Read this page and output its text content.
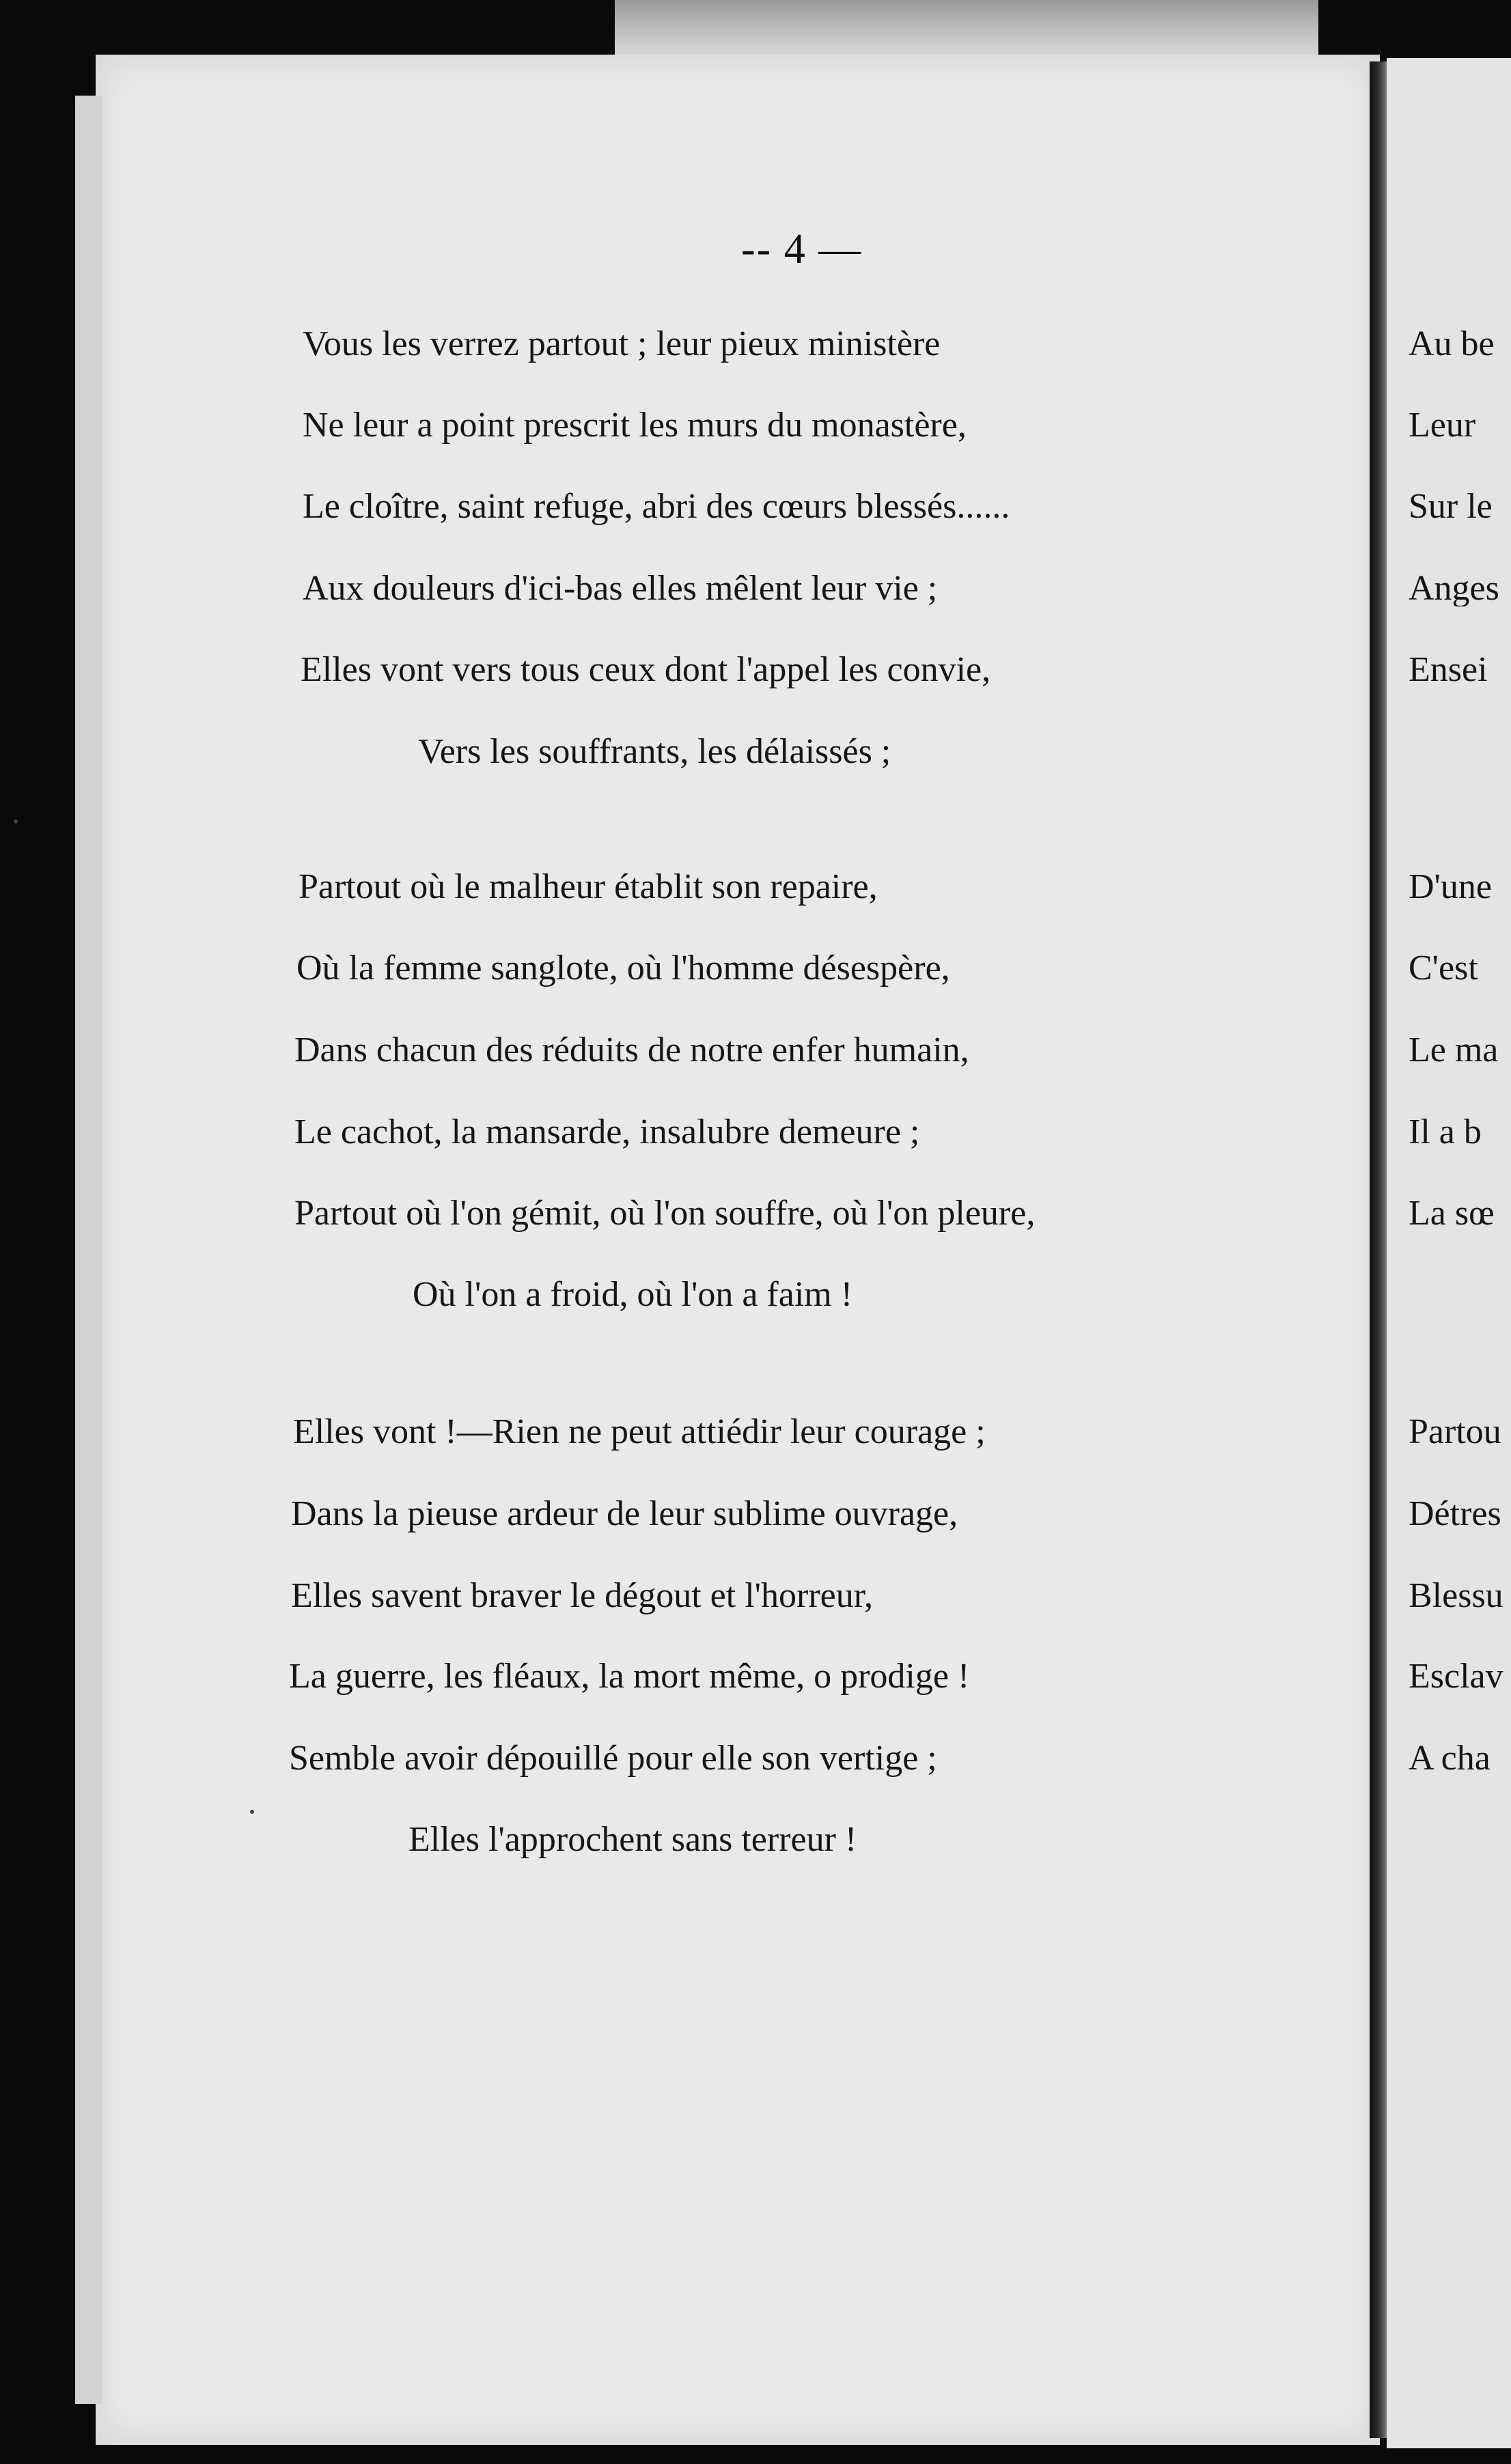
-- 4 —
Vous les verrez partout ; leur pieux ministère
Ne leur a point prescrit les murs du monastère,
Le cloître, saint refuge, abri des cœurs blessés......
Aux douleurs d'ici-bas elles mêlent leur vie ;
Elles vont vers tous ceux dont l'appel les convie,
Vers les souffrants, les délaissés ;
Partout où le malheur établit son repaire,
Où la femme sanglote, où l'homme désespère,
Dans chacun des réduits de notre enfer humain,
Le cachot, la mansarde, insalubre demeure ;
Partout où l'on gémit, où l'on souffre, où l'on pleure,
Où l'on a froid, où l'on a faim !
Elles vont !—Rien ne peut attiédir leur courage ;
Dans la pieuse ardeur de leur sublime ouvrage,
Elles savent braver le dégout et l'horreur,
La guerre, les fléaux, la mort même, o prodige !
Semble avoir dépouillé pour elle son vertige ;
Elles l'approchent sans terreur !
Au be
Leur
Sur le
Anges
Ensei
D'une
C'est
Le ma
Il a b
La sœ
Partou
Détres
Blessu
Esclav
A cha
